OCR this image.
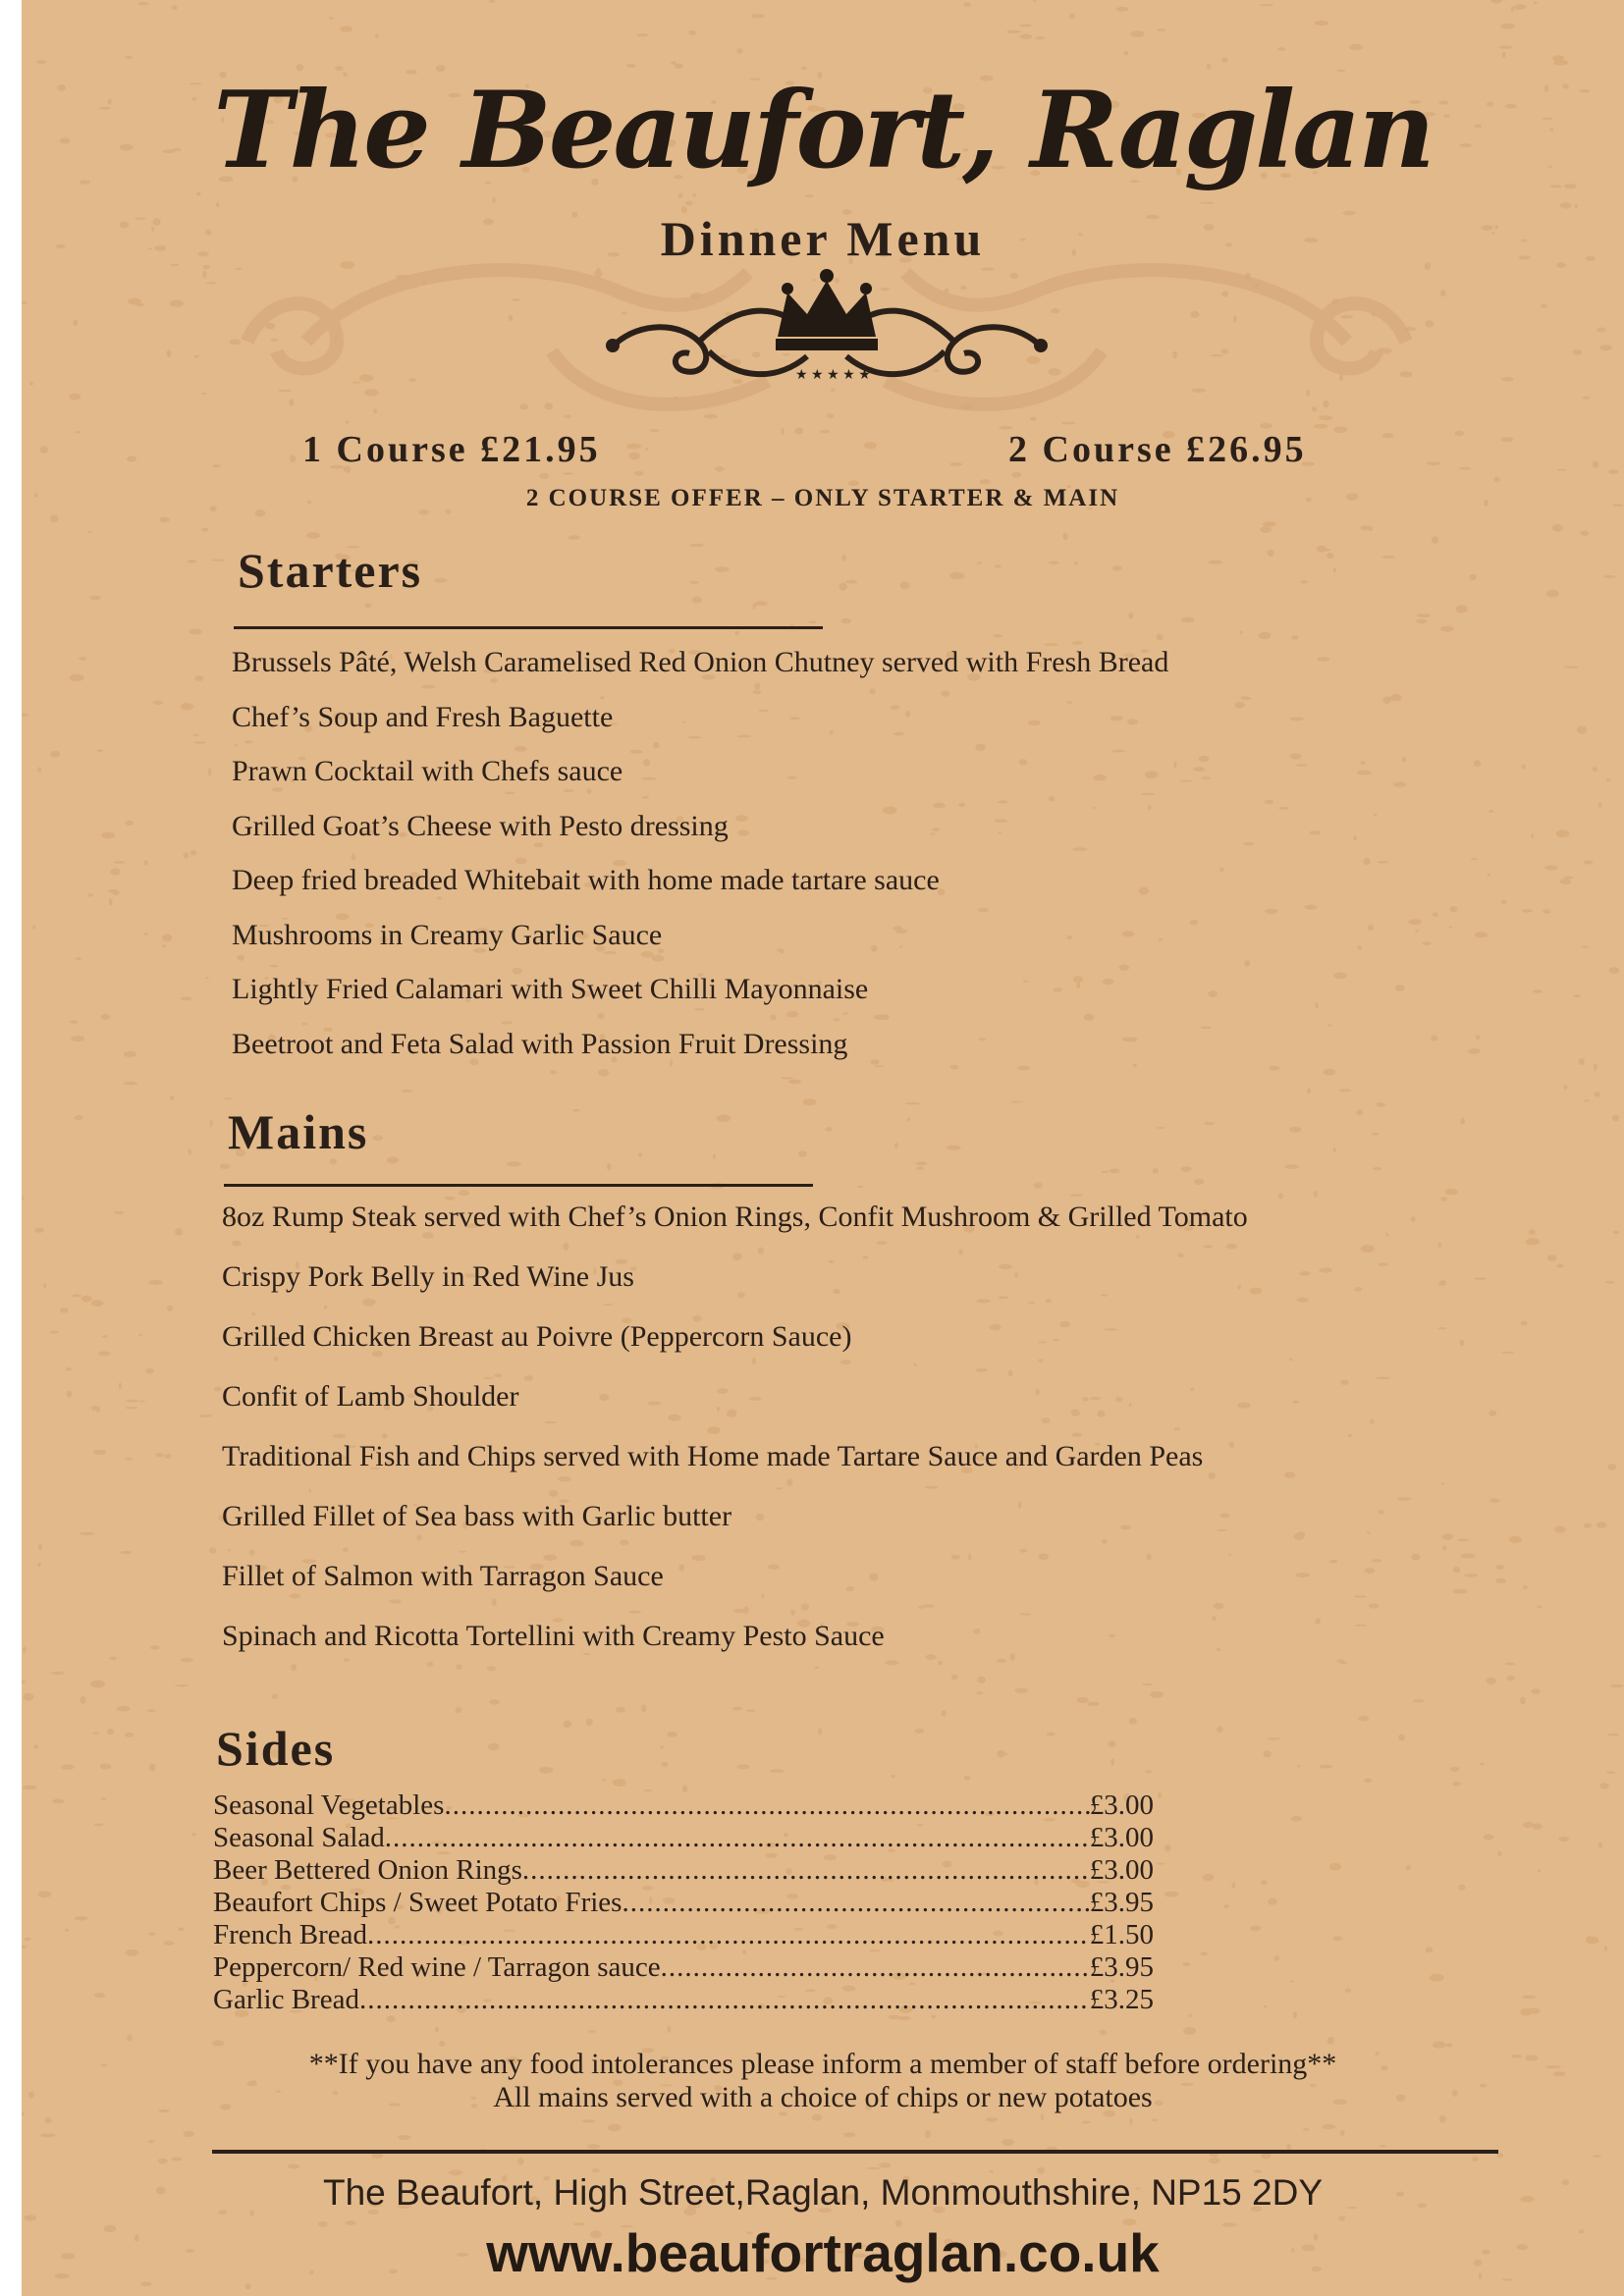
The Beaufort, Raglan
Dinner Menu
★ ★ ★ ★ ★
1 Course £21.95	2 Course £26.95
2 COURSE OFFER – ONLY STARTER & MAIN
Starters
Brussels Pâté, Welsh Caramelised Red Onion Chutney served with Fresh Bread
Chef’s Soup and Fresh Baguette
Prawn Cocktail with Chefs sauce
Grilled Goat’s Cheese with Pesto dressing
Deep fried breaded Whitebait with home made tartare sauce
Mushrooms in Creamy Garlic Sauce
Lightly Fried Calamari with Sweet Chilli Mayonnaise
Beetroot and Feta Salad with Passion Fruit Dressing
Mains
8oz Rump Steak served with Chef’s Onion Rings, Confit Mushroom & Grilled Tomato
Crispy Pork Belly in Red Wine Jus
Grilled Chicken Breast au Poivre (Peppercorn Sauce)
Confit of Lamb Shoulder
Traditional Fish and Chips served with Home made Tartare Sauce and Garden Peas
Grilled Fillet of Sea bass with Garlic butter
Fillet of Salmon with Tarragon Sauce
Spinach and Ricotta Tortellini with Creamy Pesto Sauce
Sides
Seasonal Vegetables .....	£3.00
Seasonal Salad .....	£3.00
Beer Bettered Onion Rings .....	£3.00
Beaufort Chips / Sweet Potato Fries .....	£3.95
French Bread .....	£1.50
Peppercorn/ Red wine / Tarragon sauce .....	£3.95
Garlic Bread .....	£3.25
**If you have any food intolerances please inform a member of staff before ordering**
All mains served with a choice of chips or new potatoes
The Beaufort, High Street,Raglan, Monmouthshire, NP15 2DY
www.beaufortraglan.co.uk
